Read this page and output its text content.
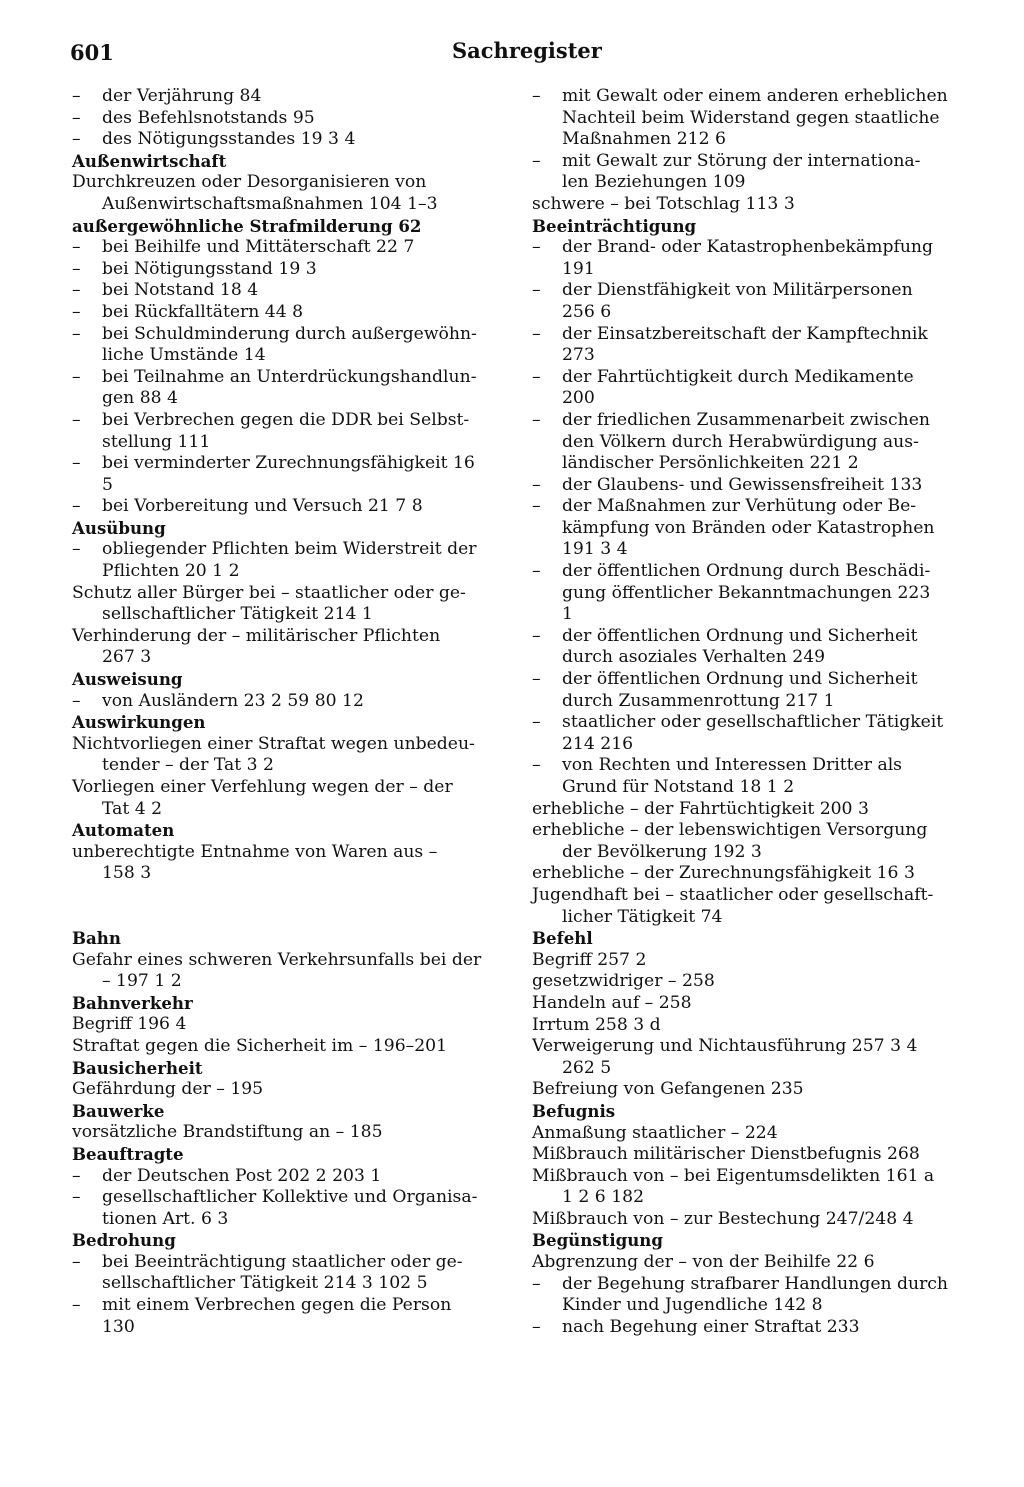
601	Sachregister
– der Verjährung 84
– des Befehlsnotstands 95
– des Nötigungsstandes 19 3 4
Außenwirtschaft
Durchkreuzen oder Desorganisieren von
Außenwirtschaftsmaßnahmen 104 1–3
außergewöhnliche Strafmilderung 62
– bei Beihilfe und Mittäterschaft 22 7
– bei Nötigungsstand 19 3
– bei Notstand 18 4
– bei Rückfalltätern 44 8
– bei Schuldminderung durch außergewöhn-
liche Umstände 14
– bei Teilnahme an Unterdrückungshandlun-
gen 88 4
– bei Verbrechen gegen die DDR bei Selbst-
stellung 111
– bei verminderter Zurechnungsfähigkeit 16
5
– bei Vorbereitung und Versuch 21 7 8
Ausübung
– obliegender Pflichten beim Widerstreit der
Pflichten 20 1 2
Schutz aller Bürger bei – staatlicher oder ge-
sellschaftlicher Tätigkeit 214 1
Verhinderung der – militärischer Pflichten
267 3
Ausweisung
– von Ausländern 23 2 59 80 12
Auswirkungen
Nichtvorliegen einer Straftat wegen unbedeu-
tender – der Tat 3 2
Vorliegen einer Verfehlung wegen der – der
Tat 4 2
Automaten
unberechtigte Entnahme von Waren aus –
158 3
Bahn
Gefahr eines schweren Verkehrsunfalls bei der
– 197 1 2
Bahnverkehr
Begriff 196 4
Straftat gegen die Sicherheit im – 196–201
Bausicherheit
Gefährdung der – 195
Bauwerke
vorsätzliche Brandstiftung an – 185
Beauftragte
– der Deutschen Post 202 2 203 1
– gesellschaftlicher Kollektive und Organisa-
tionen Art. 6 3
Bedrohung
– bei Beeinträchtigung staatlicher oder ge-
sellschaftlicher Tätigkeit 214 3 102 5
– mit einem Verbrechen gegen die Person
130
– mit Gewalt oder einem anderen erheblichen
Nachteil beim Widerstand gegen staatliche
Maßnahmen 212 6
– mit Gewalt zur Störung der internationa-
len Beziehungen 109
schwere – bei Totschlag 113 3
Beeinträchtigung
– der Brand- oder Katastrophenbekämpfung
191
– der Dienstfähigkeit von Militärpersonen
256 6
– der Einsatzbereitschaft der Kampftechnik
273
– der Fahrtüchtigkeit durch Medikamente
200
– der friedlichen Zusammenarbeit zwischen
den Völkern durch Herabwürdigung aus-
ländischer Persönlichkeiten 221 2
– der Glaubens- und Gewissensfreiheit 133
– der Maßnahmen zur Verhütung oder Be-
kämpfung von Bränden oder Katastrophen
191 3 4
– der öffentlichen Ordnung durch Beschädi-
gung öffentlicher Bekanntmachungen 223
1
– der öffentlichen Ordnung und Sicherheit
durch asoziales Verhalten 249
– der öffentlichen Ordnung und Sicherheit
durch Zusammenrottung 217 1
– staatlicher oder gesellschaftlicher Tätigkeit
214 216
– von Rechten und Interessen Dritter als
Grund für Notstand 18 1 2
erhebliche – der Fahrtüchtigkeit 200 3
erhebliche – der lebenswichtigen Versorgung
der Bevölkerung 192 3
erhebliche – der Zurechnungsfähigkeit 16 3
Jugendhaft bei – staatlicher oder gesellschaft-
licher Tätigkeit 74
Befehl
Begriff 257 2
gesetzwidriger – 258
Handeln auf – 258
Irrtum 258 3 d
Verweigerung und Nichtausführung 257 3 4
262 5
Befreiung von Gefangenen 235
Befugnis
Anmaßung staatlicher – 224
Mißbrauch militärischer Dienstbefugnis 268
Mißbrauch von – bei Eigentumsdelikten 161 a
1 2 6 182
Mißbrauch von – zur Bestechung 247/248 4
Begünstigung
Abgrenzung der – von der Beihilfe 22 6
– der Begehung strafbarer Handlungen durch
Kinder und Jugendliche 142 8
– nach Begehung einer Straftat 233
